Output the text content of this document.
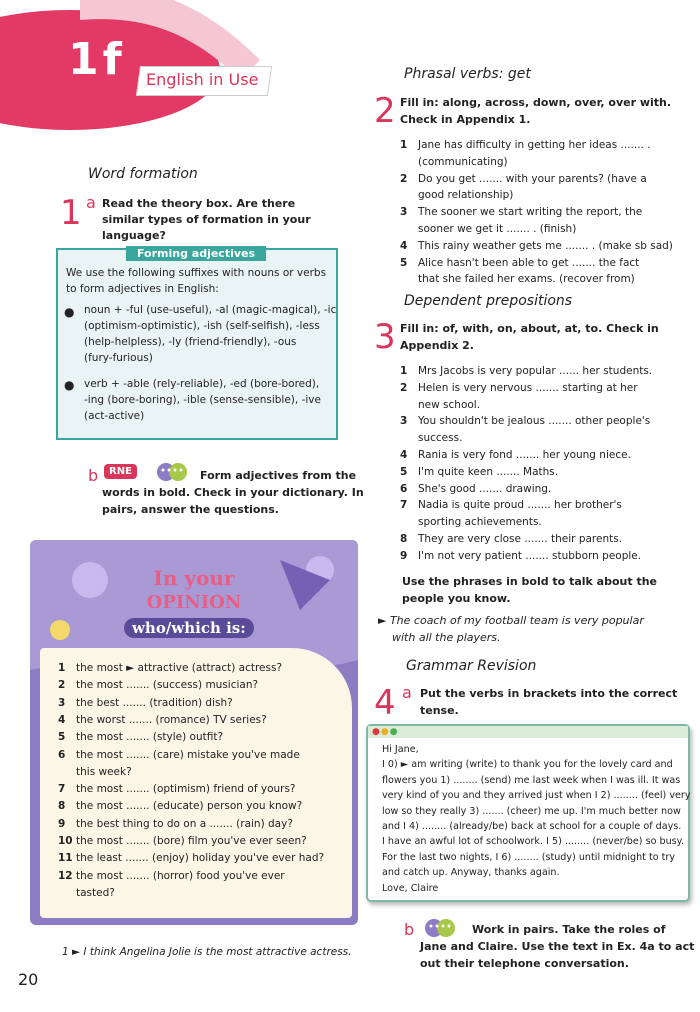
1f English in Use
Word formation
1 a Read the theory box. Are there similar types of formation in your language?
Forming adjectives
We use the following suffixes with nouns or verbs to form adjectives in English:
● noun + -ful (use-useful), -al (magic-magical), -ic
(optimism-optimistic), -ish (self-selfish), -less
(help-helpless), -ly (friend-friendly), -ous
(fury-furious)
● verb + -able (rely-reliable), -ed (bore-bored),
-ing (bore-boring), -ible (sense-sensible), -ive
(act-active)
b	RNE	Form adjectives from the
words in bold. Check in your dictionary. In
pairs, answer the questions.
In your
OPINION
who/which is:
1 the most ► attractive (attract) actress?
2 the most ....... (success) musician?
3 the best ....... (tradition) dish?
4 the worst ....... (romance) TV series?
5 the most ....... (style) outfit?
6 the most ....... (care) mistake you've made
this week?
7 the most ....... (optimism) friend of yours?
8 the most ....... (educate) person you know?
9 the best thing to do on a ....... (rain) day?
10 the most ....... (bore) film you've ever seen?
11 the least ....... (enjoy) holiday you've ever had?
12 the most ....... (horror) food you've ever
tasted?
1 ► I think Angelina Jolie is the most attractive actress.
20
Phrasal verbs: get
2 Fill in: along, across, down, over, over with.
Check in Appendix 1.
1 Jane has difficulty in getting her ideas ....... .
(communicating)
2 Do you get ....... with your parents? (have a
good relationship)
3 The sooner we start writing the report, the
sooner we get it ....... . (finish)
4 This rainy weather gets me ....... . (make sb sad)
5 Alice hasn't been able to get ....... the fact
that she failed her exams. (recover from)
Dependent prepositions
3 Fill in: of, with, on, about, at, to. Check in
Appendix 2.
1 Mrs Jacobs is very popular ...... her students.
2 Helen is very nervous ....... starting at her
new school.
3 You shouldn't be jealous ....... other people's
success.
4 Rania is very fond ....... her young niece.
5 I'm quite keen ....... Maths.
6 She's good ....... drawing.
7 Nadia is quite proud ....... her brother's
sporting achievements.
8 They are very close ....... their parents.
9 I'm not very patient ....... stubborn people.
Use the phrases in bold to talk about the
people you know.
► The coach of my football team is very popular
with all the players.
Grammar Revision
4 a Put the verbs in brackets into the correct
tense.
●●●
Hi Jane,
I 0) ► am writing (write) to thank you for the lovely card and
flowers you 1) ........ (send) me last week when I was ill. It was
very kind of you and they arrived just when I 2) ........ (feel) very
low so they really 3) ....... (cheer) me up. I'm much better now
and I 4) ........ (already/be) back at school for a couple of days.
I have an awful lot of schoolwork. I 5) ........ (never/be) so busy.
For the last two nights, I 6) ........ (study) until midnight to try
and catch up. Anyway, thanks again.
Love, Claire
b	Work in pairs. Take the roles of
Jane and Claire. Use the text in Ex. 4a to act
out their telephone conversation.
